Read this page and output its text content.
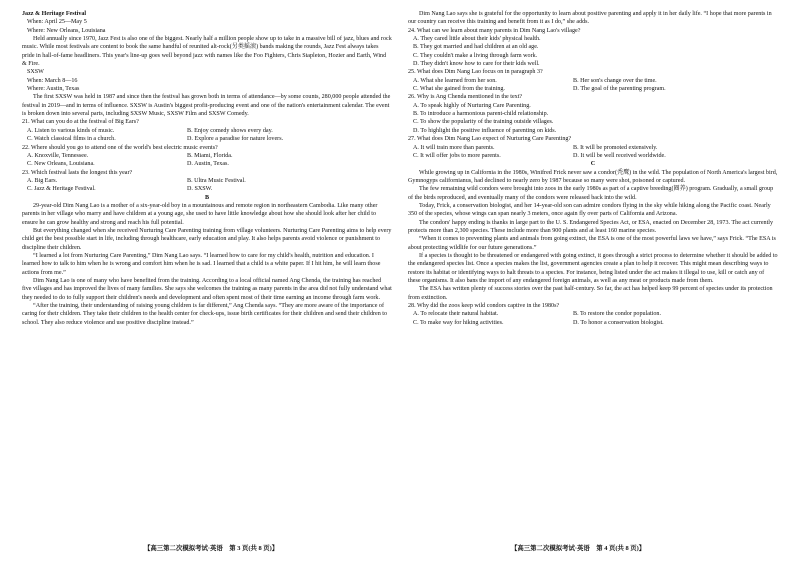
Jazz & Heritage Festival

When: April 25—May 5

Where: New Orleans, Louisiana

Held annually since 1970, Jazz Fest is also one of the biggest. Nearly half a million people show up to take in a massive bill of jazz, blues and rock music. While most festivals are content to book the same handful of reunited alt-rock(另类摇滚) bands making the rounds, Jazz Fest always takes pride in hall-of-fame headliners. This year's line-up goes well beyond jazz with names like the Foo Fighters, Chris Stapleton, Hozier and Earth, Wind & Fire.

SXSW

When: March 8—16

Where: Austin, Texas

The first SXSW was held in 1987 and since then the festival has grown both in terms of attendance—by some counts, 280,000 people attended the festival in 2019—and in terms of influence. SXSW is Austin's biggest profit-producing event and one of the nation's entertainment calendar. The event is broken down into several parts, including SXSW Music, SXSW Film and SXSW Comedy.

21. What can you do at the festival of Big Ears?

A. Listen to various kinds of music.	B. Enjoy comedy shows every day.
C. Watch classical films in a church.	D. Explore a paradise for nature lovers.

22. Where should you go to attend one of the world's best electric music events?

A. Knoxville, Tennessee.	B. Miami, Florida.
C. New Orleans, Louisiana.	D. Austin, Texas.

23. Which festival lasts the longest this year?

A. Big Ears.	B. Ultra Music Festival.
C. Jazz & Heritage Festival.	D. SXSW.

B

29-year-old Dim Nang Lao is a mother of a six-year-old boy in a mountainous and remote region in northeastern Cambodia. Like many other parents in her village who marry and have children at a young age, she used to have little knowledge about how she should look after her child to ensure he can grow healthy and strong and reach his full potential.

But everything changed when she received Nurturing Care Parenting training from village volunteers. Nurturing Care Parenting aims to help every child get the best possible start in life, including through healthcare, early education and play. It also helps parents avoid violence or punishment to discipline their children.

“I learned a lot from Nurturing Care Parenting,” Dim Nang Lao says. “I learned how to care for my child's health, nutrition and education. I learned how to talk to him when he is wrong and comfort him when he is sad. I learned that a child is a white paper. If I hit him, he will learn those actions from me.”

Dim Nang Lao is one of many who have benefited from the training. According to a local official named Ang Chenda, the training has reached five villages and has improved the lives of many families. She says she welcomes the training as many parents in the area did not fully understand what they needed to do to fully support their children's needs and development and often spent most of their time earning an income through farm work.

“After the training, their understanding of raising young children is far different,” Ang Chenda says. “They are more aware of the importance of caring for their children. They take their children to the health center for check-ups, issue birth certificates for their children and send their children to school. They also reduce violence and use positive discipline instead.”

【高三第二次模拟考试·英语　第 3 页(共 8 页)】

Dim Nang Lao says she is grateful for the opportunity to learn about positive parenting and apply it in her daily life. “I hope that more parents in our country can receive this training and benefit from it as I do,” she adds.

24. What can we learn about many parents in Dim Nang Lao's village?

A. They cared little about their kids' physical health.

B. They got married and had children at an old age.

C. They couldn't make a living through farm work.

D. They didn't know how to care for their kids well.

25. What does Dim Nang Lao focus on in paragraph 3?

A. What she learned from her son.	B. Her son's change over the time.
C. What she gained from the training.	D. The goal of the parenting program.

26. Why is Ang Chenda mentioned in the text?

A. To speak highly of Nurturing Care Parenting.

B. To introduce a harmonious parent-child relationship.

C. To show the popularity of the training outside villages.

D. To highlight the positive influence of parenting on kids.

27. What does Dim Nang Lao expect of Nurturing Care Parenting?

A. It will train more than parents.	B. It will be promoted extensively.
C. It will offer jobs to more parents.	D. It will be well received worldwide.

C

While growing up in California in the 1980s, Winifred Frick never saw a condor(秃鹰) in the wild. The population of North America's largest bird, Gymnogyps californianus, had declined to nearly zero by 1987 because so many were shot, poisoned or captured.

The few remaining wild condors were brought into zoos in the early 1980s as part of a captive breeding(圈养) program. Gradually, a small group of the birds reproduced, and eventually many of the condors were released back into the wild.

Today, Frick, a conservation biologist, and her 14-year-old son can admire condors flying in the sky while hiking along the Pacific coast. Nearly 350 of the species, whose wings can span nearly 3 meters, once again fly over parts of California and Arizona.

The condors' happy ending is thanks in large part to the U. S. Endangered Species Act, or ESA, enacted on December 28, 1973. The act currently protects more than 2,300 species. These include more than 900 plants and at least 160 marine species.

“When it comes to preventing plants and animals from going extinct, the ESA is one of the most powerful laws we have,” says Frick. “The ESA is about protecting wildlife for our future generations.”

If a species is thought to be threatened or endangered with going extinct, it goes through a strict process to determine whether it should be added to the endangered species list. Once a species makes the list, government agencies create a plan to help it recover. This might mean describing ways to restore its habitat or identifying ways to halt threats to a species. For instance, being listed under the act makes it illegal to use, kill or catch any of these organisms. It also bans the import of any endangered foreign animals, as well as any meat or products made from them.

The ESA has written plenty of success stories over the past half-century. So far, the act has helped keep 99 percent of species under its protection from extinction.

28. Why did the zoos keep wild condors captive in the 1980s?

A. To relocate their natural habitat.	B. To restore the condor population.
C. To make way for hiking activities.	D. To honor a conservation biologist.
【高三第二次模拟考试·英语　第 4 页(共 8 页)】
